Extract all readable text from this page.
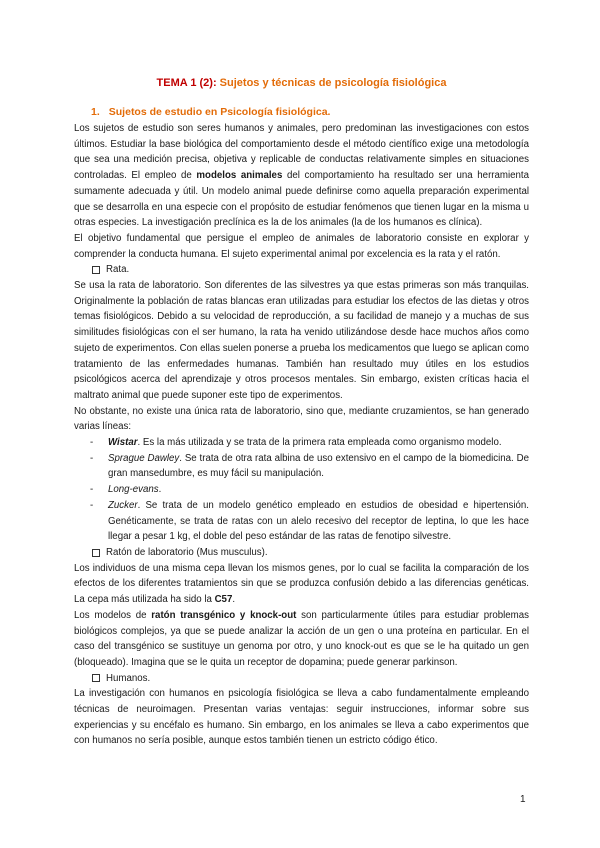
TEMA 1 (2): Sujetos y técnicas de psicología fisiológica
1. Sujetos de estudio en Psicología fisiológica.

Los sujetos de estudio son seres humanos y animales, pero predominan las investigaciones con estos últimos. Estudiar la base biológica del comportamiento desde el método científico exige una metodología que sea una medición precisa, objetiva y replicable de conductas relativamente simples en situaciones controladas. El empleo de modelos animales del comportamiento ha resultado ser una herramienta sumamente adecuada y útil. Un modelo animal puede definirse como aquella preparación experimental que se desarrolla en una especie con el propósito de estudiar fenómenos que tienen lugar en la misma u otras especies. La investigación preclínica es la de los animales (la de los humanos es clínica).

El objetivo fundamental que persigue el empleo de animales de laboratorio consiste en explorar y comprender la conducta humana. El sujeto experimental animal por excelencia es la rata y el ratón.

Rata.

Se usa la rata de laboratorio. Son diferentes de las silvestres ya que estas primeras son más tranquilas. Originalmente la población de ratas blancas eran utilizadas para estudiar los efectos de las dietas y otros temas fisiológicos. Debido a su velocidad de reproducción, a su facilidad de manejo y a muchas de sus similitudes fisiológicas con el ser humano, la rata ha venido utilizándose desde hace muchos años como sujeto de experimentos. Con ellas suelen ponerse a prueba los medicamentos que luego se aplican como tratamiento de las enfermedades humanas. También han resultado muy útiles en los estudios psicológicos acerca del aprendizaje y otros procesos mentales. Sin embargo, existen críticas hacia el maltrato animal que puede suponer este tipo de experimentos.

No obstante, no existe una única rata de laboratorio, sino que, mediante cruzamientos, se han generado varias líneas:

- Wistar. Es la más utilizada y se trata de la primera rata empleada como organismo modelo.
- Sprague Dawley. Se trata de otra rata albina de uso extensivo en el campo de la biomedicina. De gran mansedumbre, es muy fácil su manipulación.
- Long-evans.
- Zucker. Se trata de un modelo genético empleado en estudios de obesidad e hipertensión. Genéticamente, se trata de ratas con un alelo recesivo del receptor de leptina, lo que les hace llegar a pesar 1 kg, el doble del peso estándar de las ratas de fenotipo silvestre.

Ratón de laboratorio (Mus musculus).

Los individuos de una misma cepa llevan los mismos genes, por lo cual se facilita la comparación de los efectos de los diferentes tratamientos sin que se produzca confusión debido a las diferencias genéticas. La cepa más utilizada ha sido la C57.

Los modelos de ratón transgénico y knock-out son particularmente útiles para estudiar problemas biológicos complejos, ya que se puede analizar la acción de un gen o una proteína en particular. En el caso del transgénico se sustituye un genoma por otro, y uno knock-out es que se le ha quitado un gen (bloqueado). Imagina que se le quita un receptor de dopamina; puede generar parkinson.

Humanos.

La investigación con humanos en psicología fisiológica se lleva a cabo fundamentalmente empleando técnicas de neuroimagen. Presentan varias ventajas: seguir instrucciones, informar sobre sus experiencias y su encéfalo es humano. Sin embargo, en los animales se lleva a cabo experimentos que con humanos no sería posible, aunque estos también tienen un estricto código ético.

1
